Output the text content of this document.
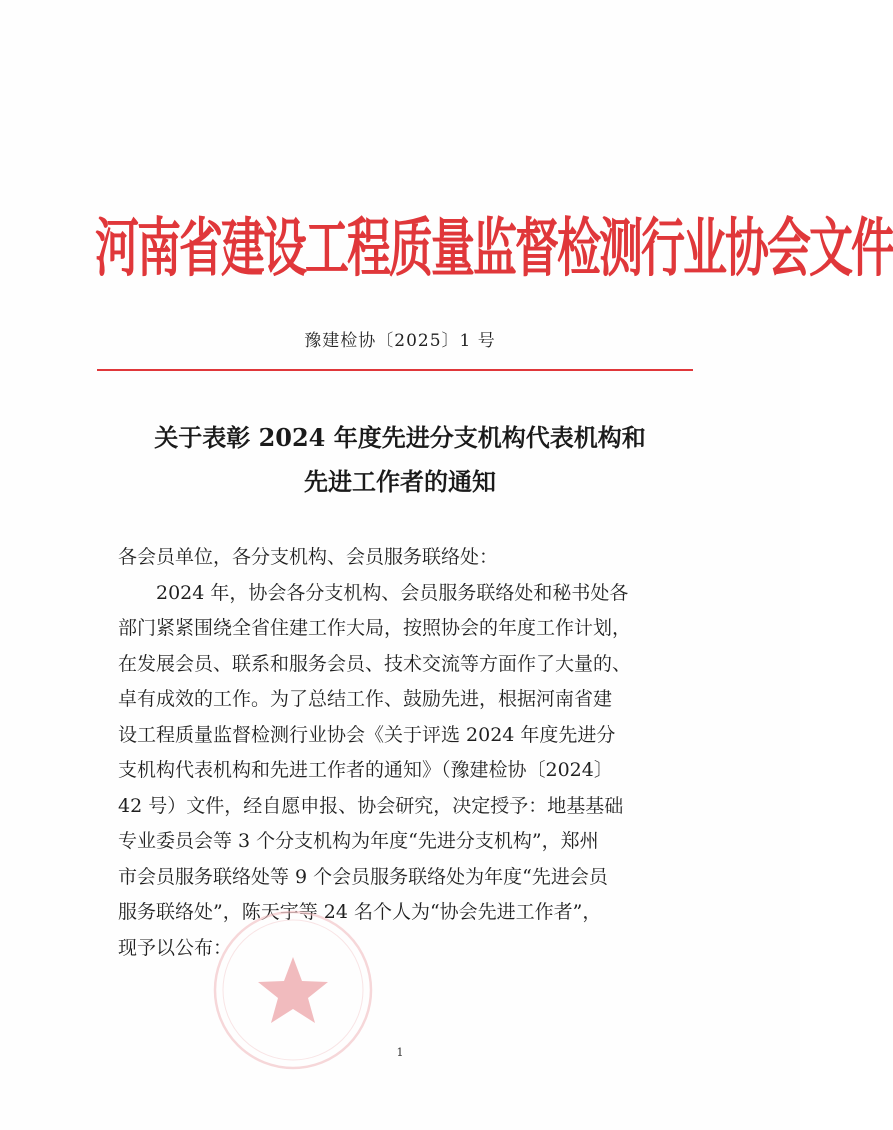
河南省建设工程质量监督检测行业协会文件
豫建检协〔2025〕1 号
关于表彰 2024 年度先进分支机构代表机构和
先进工作者的通知
各会员单位，各分支机构、会员服务联络处：
2024 年，协会各分支机构、会员服务联络处和秘书处各
部门紧紧围绕全省住建工作大局，按照协会的年度工作计划，
在发展会员、联系和服务会员、技术交流等方面作了大量的、
卓有成效的工作。为了总结工作、鼓励先进，根据河南省建
设工程质量监督检测行业协会《关于评选 2024 年度先进分
支机构代表机构和先进工作者的通知》（豫建检协〔2024〕
42 号）文件，经自愿申报、协会研究，决定授予：地基基础
专业委员会等 3 个分支机构为年度“先进分支机构”，郑州
市会员服务联络处等 9 个会员服务联络处为年度“先进会员
服务联络处”，陈天宇等 24 名个人为“协会先进工作者”，
现予以公布：
1
